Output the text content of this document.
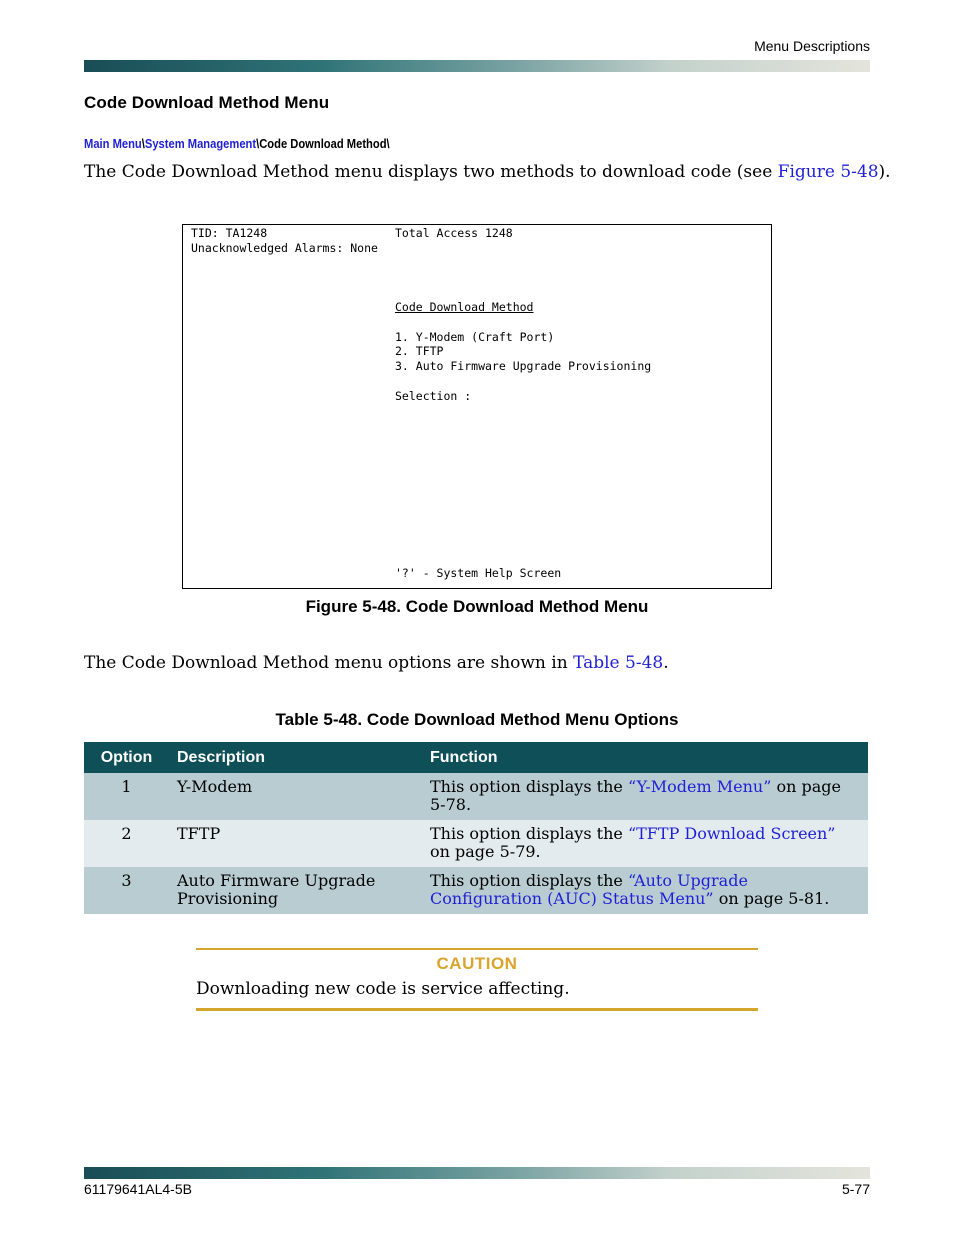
Menu Descriptions
Code Download Method Menu
Main Menu\System Management\Code Download Method\
The Code Download Method menu displays two methods to download code (see Figure 5-48).
TID: TA1248	Total Access 1248
Unacknowledged Alarms: None
Code Download Method
1. Y-Modem (Craft Port)
2. TFTP
3. Auto Firmware Upgrade Provisioning
Selection :
'?' - System Help Screen
Figure 5-48. Code Download Method Menu
The Code Download Method menu options are shown in Table 5-48.
Table 5-48. Code Download Method Menu Options
Option	Description	Function
1	Y-Modem	This option displays the “Y-Modem Menu” on page 5-78.
2	TFTP	This option displays the “TFTP Download Screen” on page 5-79.
3	Auto Firmware Upgrade Provisioning	This option displays the “Auto Upgrade Configuration (AUC) Status Menu” on page 5-81.
CAUTION
Downloading new code is service affecting.
61179641AL4-5B	5-77
